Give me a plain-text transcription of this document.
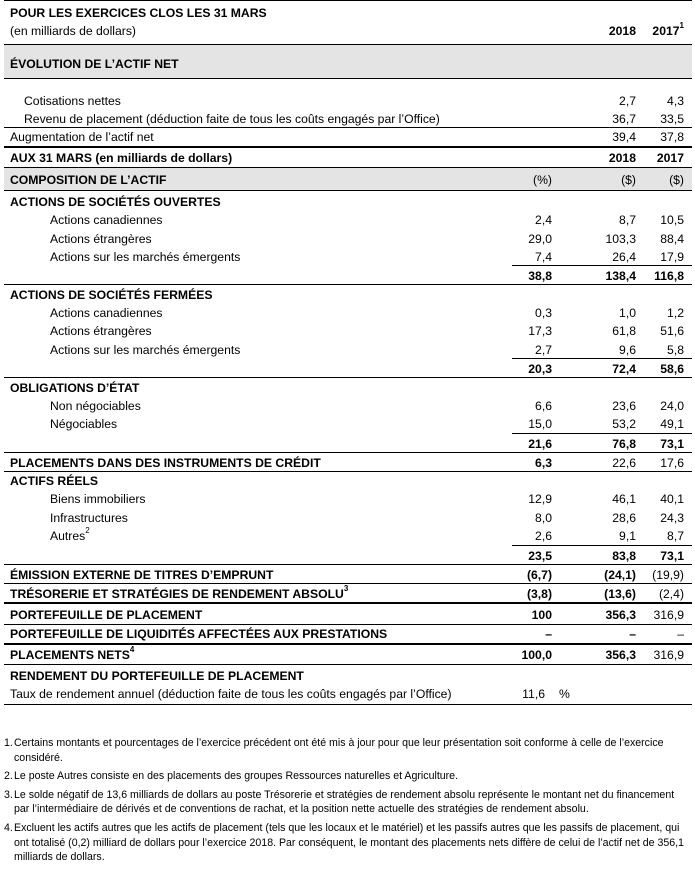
POUR LES EXERCICES CLOS LES 31 MARS
(en milliards de dollars)	2018 2017$^1$
ÉVOLUTION DE L’ACTIF NET
Cotisations nettes	2,7	4,3
Revenu de placement (déduction faite de tous les coûts engagés par l’Office)	36,7 33,5
Augmentation de l’actif net	39,4 37,8
AUX 31 MARS (en milliards de dollars)	2018 2017
COMPOSITION DE L’ACTIF	(%)	($)	($)
ACTIONS DE SOCIÉTÉS OUVERTES
Actions canadiennes	2,4	8,7 10,5
Actions étrangères	29,0	103,3 88,4
Actions sur les marchés émergents	7,4	26,4 17,9
38,8	138,4 116,8
ACTIONS DE SOCIÉTÉS FERMÉES
Actions canadiennes	0,3	1,0	1,2
Actions étrangères	17,3	61,8 51,6
Actions sur les marchés émergents	2,7	9,6	5,8
20,3	72,4 58,6
OBLIGATIONS D’ÉTAT
Non négociables	6,6	23,6 24,0
Négociables	15,0	53,2 49,1
21,6	76,8 73,1
PLACEMENTS DANS DES INSTRUMENTS DE CRÉDIT	6,3	22,6 17,6
ACTIFS RÉELS
Biens immobiliers	12,9	46,1 40,1
Infrastructures	8,0	28,6 24,3
Autres$^2$	2,6	9,1	8,7
23,5	83,8 73,1
ÉMISSION EXTERNE DE TITRES D’EMPRUNT	(6,7)	(24,1) (19,9)
TRÉSORERIE ET STRATÉGIES DE RENDEMENT ABSOLU$^3$	(3,8)	(13,6) (2,4)
PORTEFEUILLE DE PLACEMENT	100	356,3 316,9
PORTEFEUILLE DE LIQUIDITÉS AFFECTÉES AUX PRESTATIONS	–	–	–
PLACEMENTS NETS$^4$	100,0	356,3 316,9
RENDEMENT DU PORTEFEUILLE DE PLACEMENT
Taux de rendement annuel (déduction faite de tous les coûts engagés par l’Office)	11,6 %
1. Certains montants et pourcentages de l’exercice précédent ont été mis à jour pour que leur présentation soit conforme à celle de l’exercice considéré.
2. Le poste Autres consiste en des placements des groupes Ressources naturelles et Agriculture.
3. Le solde négatif de 13,6 milliards de dollars au poste Trésorerie et stratégies de rendement absolu représente le montant net du financement par l’intermédiaire de dérivés et de conventions de rachat, et la position nette actuelle des stratégies de rendement absolu.
4. Excluent les actifs autres que les actifs de placement (tels que les locaux et le matériel) et les passifs autres que les passifs de placement, qui ont totalisé (0,2) milliard de dollars pour l’exercice 2018. Par conséquent, le montant des placements nets diffère de celui de l’actif net de 356,1 milliards de dollars.
